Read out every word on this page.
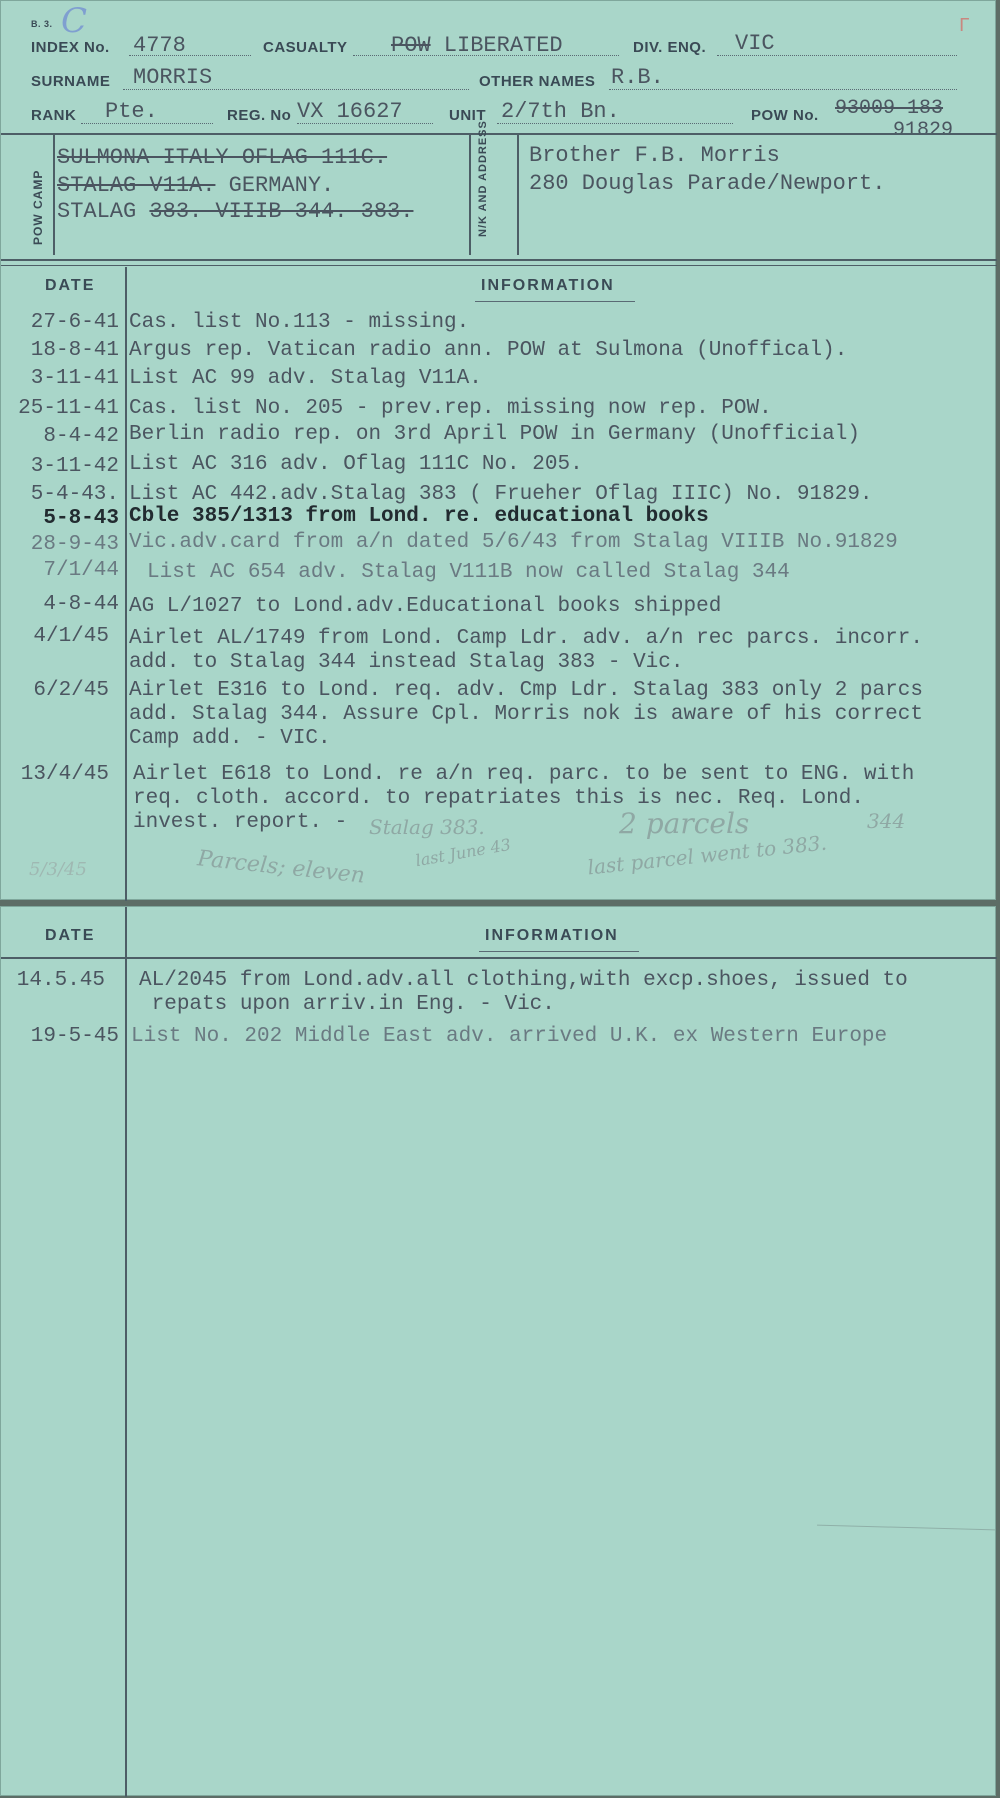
B. 3. C	ᒥ
INDEX No. 4778	CASUALTY POW LIBERATED	DIV. ENQ. VIC
SURNAME MORRIS	OTHER NAMES R.B.
RANK Pte.	REG. No VX 16627	UNIT 2/7th Bn.	POW No. 93009 183
91829
POW CAMP
SULMONA-ITALY-OFLAG 111C.
STALAG V11A. GERMANY.
STALAG 383. VIIIB 344. 383.	N/K AND ADDRESS Brother F.B. Morris
280 Douglas Parade/Newport.
DATE	INFORMATION
27-6-41 Cas. list No.113 - missing.
18-8-41 Argus rep. Vatican radio ann. POW at Sulmona (Unoffical).
3-11-41 List AC 99 adv. Stalag V11A.
25-11-41 Cas. list No. 205 - prev.rep. missing now rep. POW.
8-4-42 Berlin radio rep. on 3rd April POW in Germany (Unofficial)
3-11-42 List AC 316 adv. Oflag 111C No. 205.
5-4-43. List AC 442.adv.Stalag 383 ( Frueher Oflag IIIC) No. 91829.
5-8-43 Cble 385/1313 from Lond. re. educational books
28-9-43 Vic.adv.card from a/n dated 5/6/43 from Stalag VIIIB No.91829
7/1/44 List AC 654 adv. Stalag V111B now called Stalag 344
4-8-44 AG L/1027 to Lond.adv.Educational books shipped
4/1/45 Airlet AL/1749 from Lond. Camp Ldr. adv. a/n rec parcs. incorr.
add. to Stalag 344 instead Stalag 383 - Vic.
6/2/45 Airlet E316 to Lond. req. adv. Cmp Ldr. Stalag 383 only 2 parcs
add. Stalag 344. Assure Cpl. Morris nok is aware of his correct
Camp add. - VIC.
13/4/45 Airlet E618 to Lond. re a/n req. parc. to be sent to ENG. with
req. cloth. accord. to repatriates this is nec. Req. Lond.
invest. report. -	Stalag 383.
Parcels; eleven	last June 43
2 parcels	344
last parcel went to 383.
5/3/45
DATE	INFORMATION
14.5.45 AL/2045 from Lond.adv.all clothing,with excp.shoes, issued to
repats upon arriv.in Eng. - Vic.
19-5-45 List No. 202 Middle East adv. arrived U.K. ex Western Europe
